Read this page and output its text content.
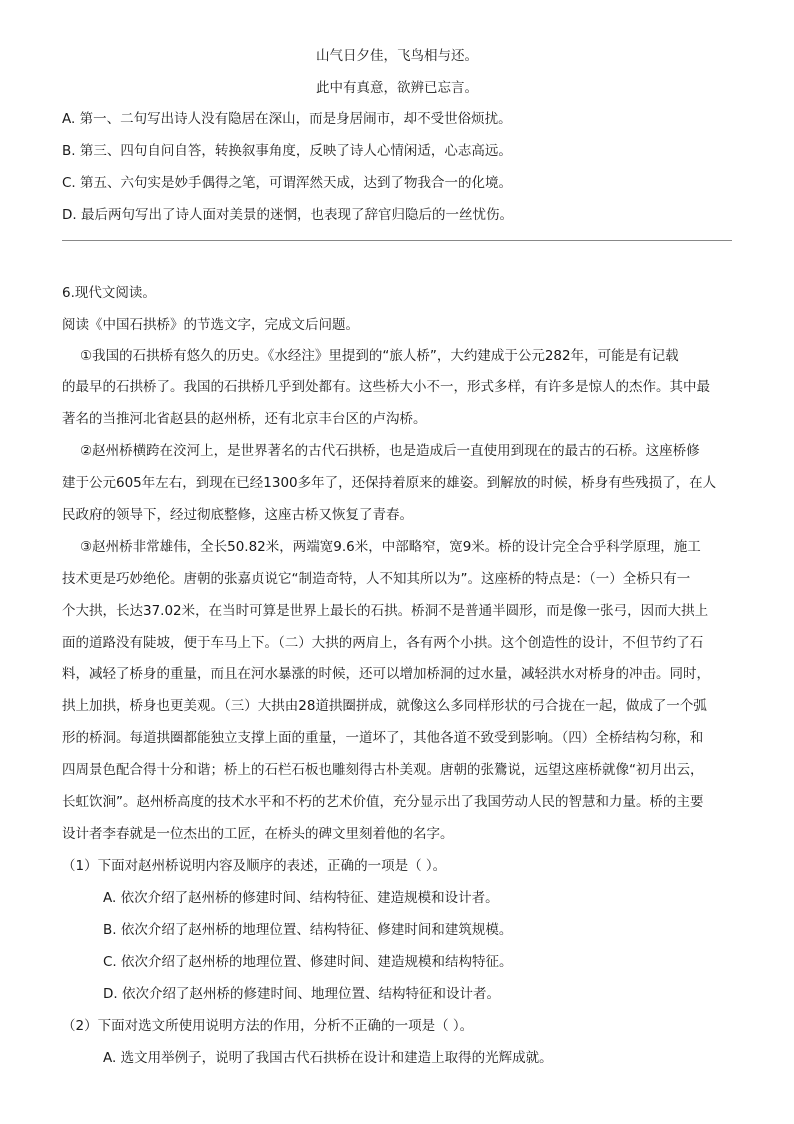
山气日夕佳，飞鸟相与还。
此中有真意，欲辨已忘言。
A. 第一、二句写出诗人没有隐居在深山，而是身居闹市，却不受世俗烦扰。
B. 第三、四句自问自答，转换叙事角度，反映了诗人心情闲适，心志高远。
C. 第五、六句实是妙手偶得之笔，可谓浑然天成，达到了物我合一的化境。
D. 最后两句写出了诗人面对美景的迷惘，也表现了辞官归隐后的一丝忧伤。
6.现代文阅读。
阅读《中国石拱桥》的节选文字，完成文后问题。
①我国的石拱桥有悠久的历史。《水经注》里提到的“旅人桥”，大约建成于公元282年，可能是有记载
的最早的石拱桥了。我国的石拱桥几乎到处都有。这些桥大小不一，形式多样，有许多是惊人的杰作。其中最
著名的当推河北省赵县的赵州桥，还有北京丰台区的卢沟桥。
②赵州桥横跨在洨河上，是世界著名的古代石拱桥，也是造成后一直使用到现在的最古的石桥。这座桥修
建于公元605年左右，到现在已经1300多年了，还保持着原来的雄姿。到解放的时候，桥身有些残损了，在人
民政府的领导下，经过彻底整修，这座古桥又恢复了青春。
③赵州桥非常雄伟，全长50.82米，两端宽9.6米，中部略窄，宽9米。桥的设计完全合乎科学原理，施工
技术更是巧妙绝伦。唐朝的张嘉贞说它“制造奇特，人不知其所以为”。这座桥的特点是：（一）全桥只有一
个大拱，长达37.02米，在当时可算是世界上最长的石拱。桥洞不是普通半圆形，而是像一张弓，因而大拱上
面的道路没有陡坡，便于车马上下。（二）大拱的两肩上，各有两个小拱。这个创造性的设计，不但节约了石
料，减轻了桥身的重量，而且在河水暴涨的时候，还可以增加桥洞的过水量，减轻洪水对桥身的冲击。同时，
拱上加拱，桥身也更美观。（三）大拱由28道拱圈拼成，就像这么多同样形状的弓合拢在一起，做成了一个弧
形的桥洞。每道拱圈都能独立支撑上面的重量，一道坏了，其他各道不致受到影响。（四）全桥结构匀称，和
四周景色配合得十分和谐；桥上的石栏石板也雕刻得古朴美观。唐朝的张鷟说，远望这座桥就像“初月出云，
长虹饮涧”。赵州桥高度的技术水平和不朽的艺术价值，充分显示出了我国劳动人民的智慧和力量。桥的主要
设计者李春就是一位杰出的工匠，在桥头的碑文里刻着他的名字。
（1）下面对赵州桥说明内容及顺序的表述，正确的一项是（ ）。
A. 依次介绍了赵州桥的修建时间、结构特征、建造规模和设计者。
B. 依次介绍了赵州桥的地理位置、结构特征、修建时间和建筑规模。
C. 依次介绍了赵州桥的地理位置、修建时间、建造规模和结构特征。
D. 依次介绍了赵州桥的修建时间、地理位置、结构特征和设计者。
（2）下面对选文所使用说明方法的作用，分析不正确的一项是（ ）。
A. 选文用举例子，说明了我国古代石拱桥在设计和建造上取得的光辉成就。
